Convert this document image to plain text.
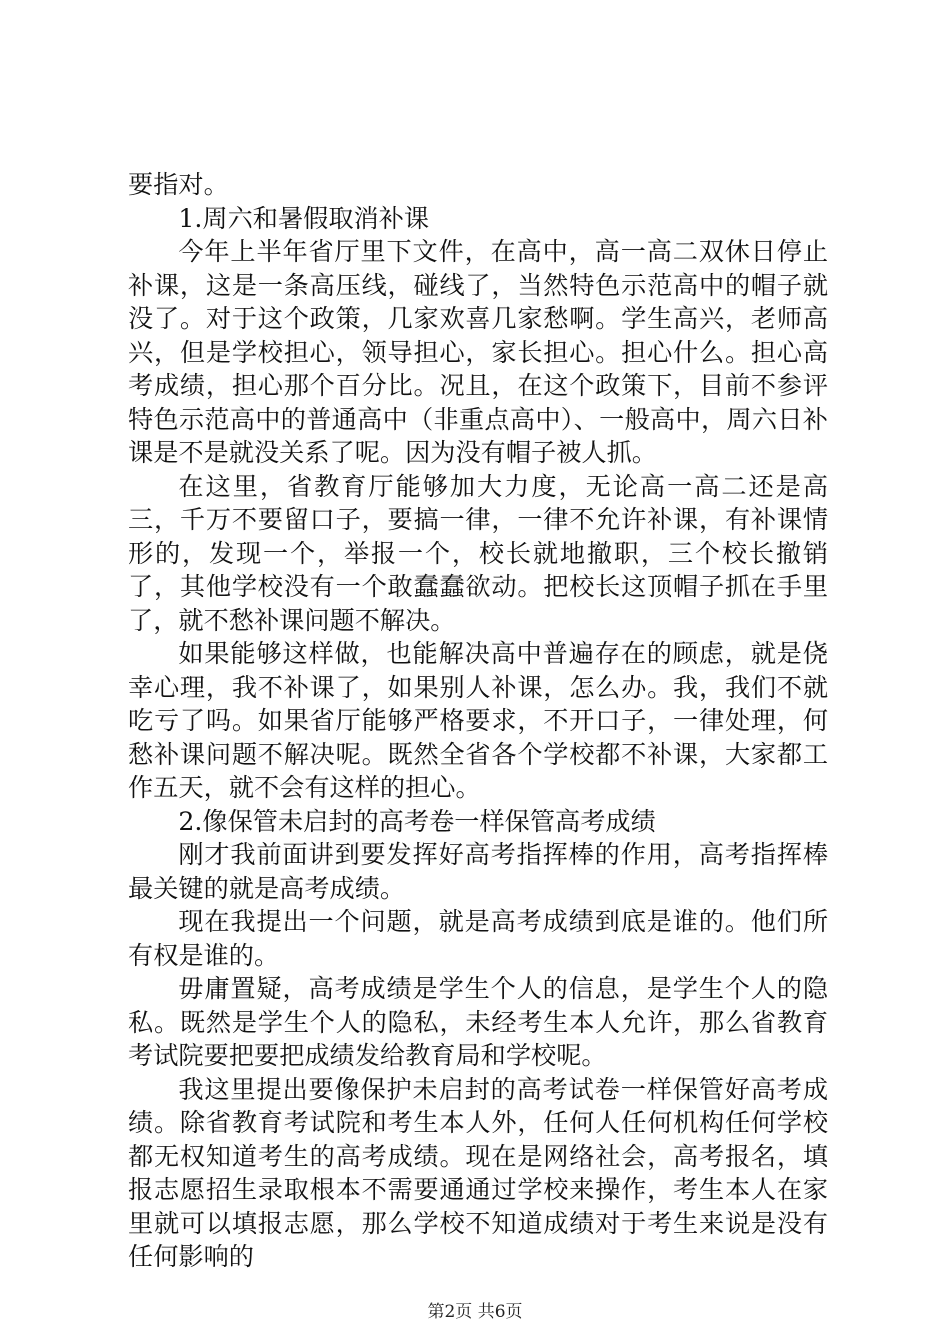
要指对。

1.周六和暑假取消补课

今年上半年省厅里下文件，在高中，高一高二双休日停止补课，这是一条高压线，碰线了，当然特色示范高中的帽子就没了。对于这个政策，几家欢喜几家愁啊。学生高兴，老师高兴，但是学校担心，领导担心，家长担心。担心什么。担心高考成绩，担心那个百分比。况且，在这个政策下，目前不参评特色示范高中的普通高中（非重点高中）、一般高中，周六日补课是不是就没关系了呢。因为没有帽子被人抓。

在这里，省教育厅能够加大力度，无论高一高二还是高三，千万不要留口子，要搞一律，一律不允许补课，有补课情形的，发现一个，举报一个，校长就地撤职，三个校长撤销了，其他学校没有一个敢蠢蠢欲动。把校长这顶帽子抓在手里了，就不愁补课问题不解决。

如果能够这样做，也能解决高中普遍存在的顾虑，就是侥幸心理，我不补课了，如果别人补课，怎么办。我，我们不就吃亏了吗。如果省厅能够严格要求，不开口子，一律处理，何愁补课问题不解决呢。既然全省各个学校都不补课，大家都工作五天，就不会有这样的担心。

2.像保管未启封的高考卷一样保管高考成绩

刚才我前面讲到要发挥好高考指挥棒的作用，高考指挥棒最关键的就是高考成绩。

现在我提出一个问题，就是高考成绩到底是谁的。他们所有权是谁的。

毋庸置疑，高考成绩是学生个人的信息，是学生个人的隐私。既然是学生个人的隐私，未经考生本人允许，那么省教育考试院要把要把成绩发给教育局和学校呢。

我这里提出要像保护未启封的高考试卷一样保管好高考成绩。除省教育考试院和考生本人外，任何人任何机构任何学校都无权知道考生的高考成绩。现在是网络社会，高考报名，填报志愿招生录取根本不需要通通过学校来操作，考生本人在家里就可以填报志愿，那么学校不知道成绩对于考生来说是没有任何影响的

第2页 共6页
